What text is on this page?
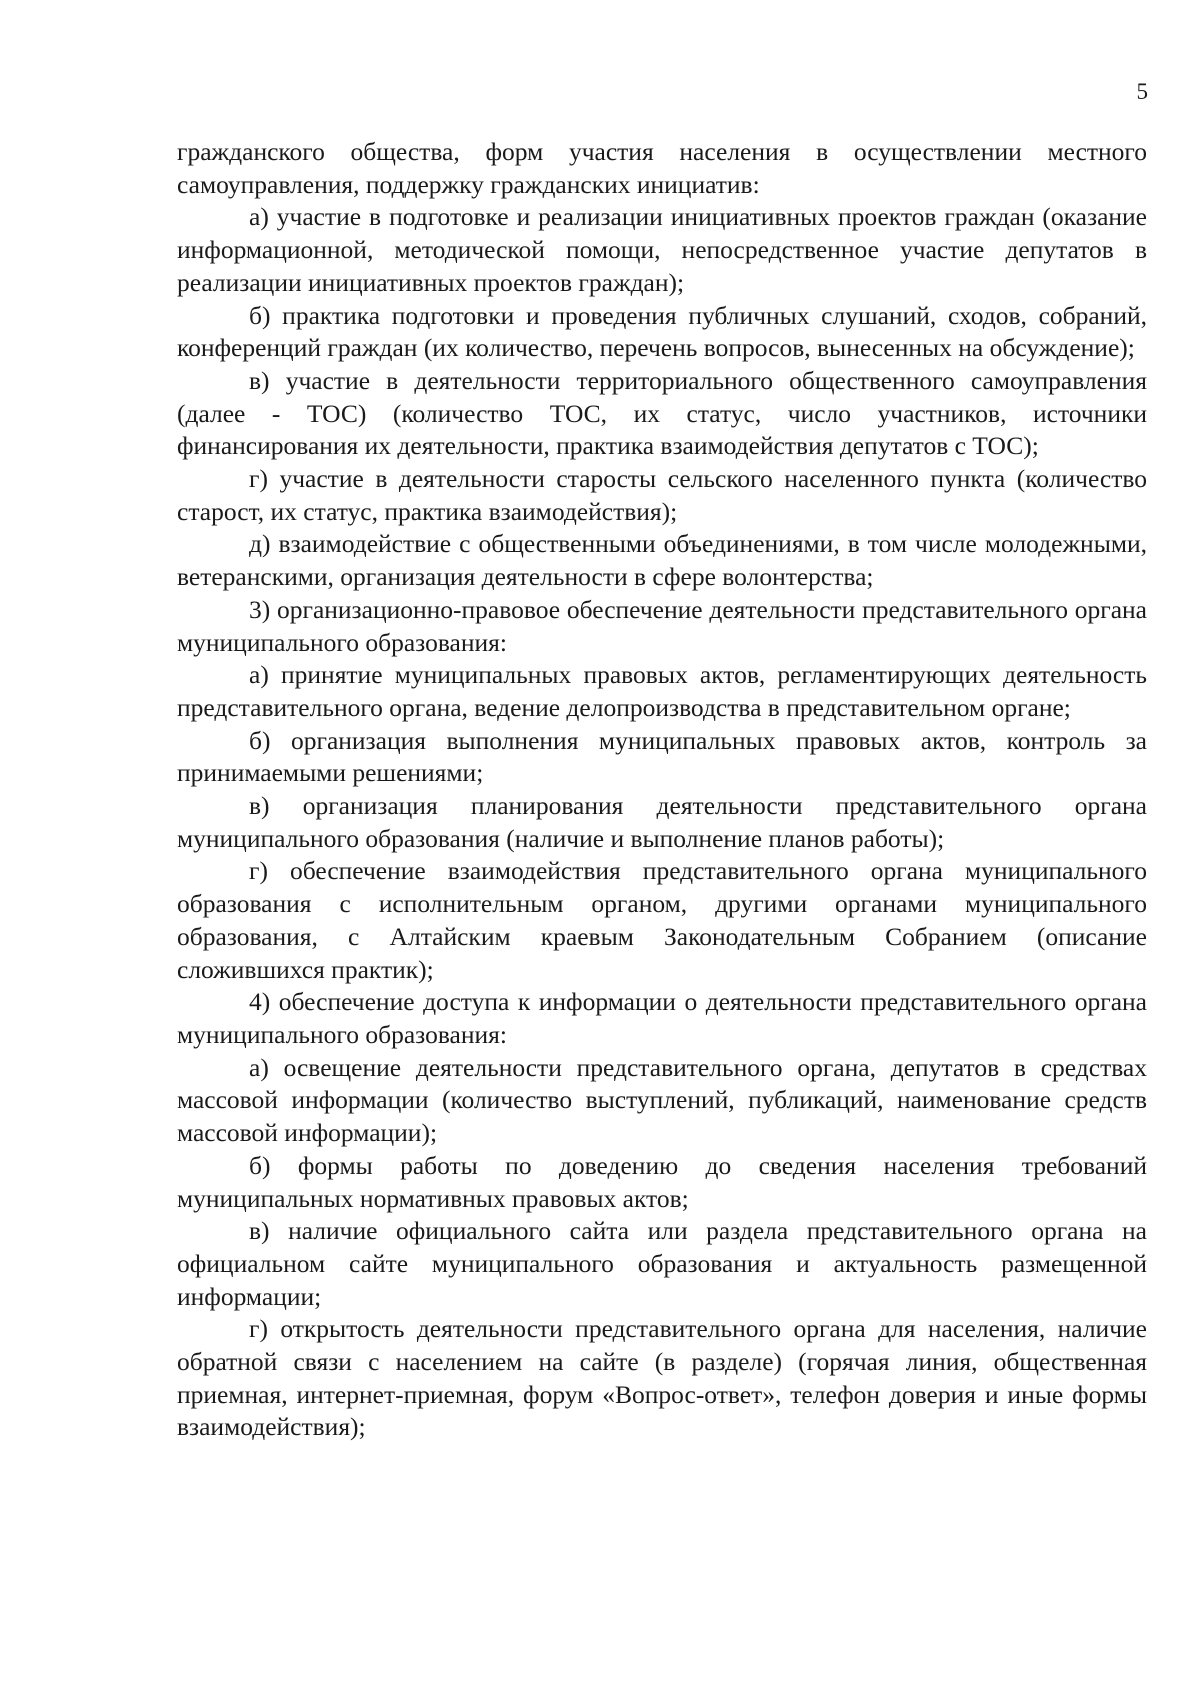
5

гражданского общества, форм участия населения в осуществлении местного самоуправления, поддержку гражданских инициатив:

а) участие в подготовке и реализации инициативных проектов граждан (оказание информационной, методической помощи, непосредственное участие депутатов в реализации инициативных проектов граждан);

б) практика подготовки и проведения публичных слушаний, сходов, собраний, конференций граждан (их количество, перечень вопросов, вынесенных на обсуждение);

в) участие в деятельности территориального общественного самоуправления (далее - ТОС) (количество ТОС, их статус, число участников, источники финансирования их деятельности, практика взаимодействия депутатов с ТОС);

г) участие в деятельности старосты сельского населенного пункта (количество старост, их статус, практика взаимодействия);

д) взаимодействие с общественными объединениями, в том числе молодежными, ветеранскими, организация деятельности в сфере волонтерства;

3) организационно-правовое обеспечение деятельности представительного органа муниципального образования:

а) принятие муниципальных правовых актов, регламентирующих деятельность представительного органа, ведение делопроизводства в представительном органе;

б) организация выполнения муниципальных правовых актов, контроль за принимаемыми решениями;

в) организация планирования деятельности представительного органа муниципального образования (наличие и выполнение планов работы);

г) обеспечение взаимодействия представительного органа муниципального образования с исполнительным органом, другими органами муниципального образования, с Алтайским краевым Законодательным Собранием (описание сложившихся практик);

4) обеспечение доступа к информации о деятельности представительного органа муниципального образования:

а) освещение деятельности представительного органа, депутатов в средствах массовой информации (количество выступлений, публикаций, наименование средств массовой информации);

б) формы работы по доведению до сведения населения требований муниципальных нормативных правовых актов;

в) наличие официального сайта или раздела представительного органа на официальном сайте муниципального образования и актуальность размещенной информации;

г) открытость деятельности представительного органа для населения, наличие обратной связи с населением на сайте (в разделе) (горячая линия, общественная приемная, интернет-приемная, форум «Вопрос-ответ», телефон доверия и иные формы взаимодействия);
